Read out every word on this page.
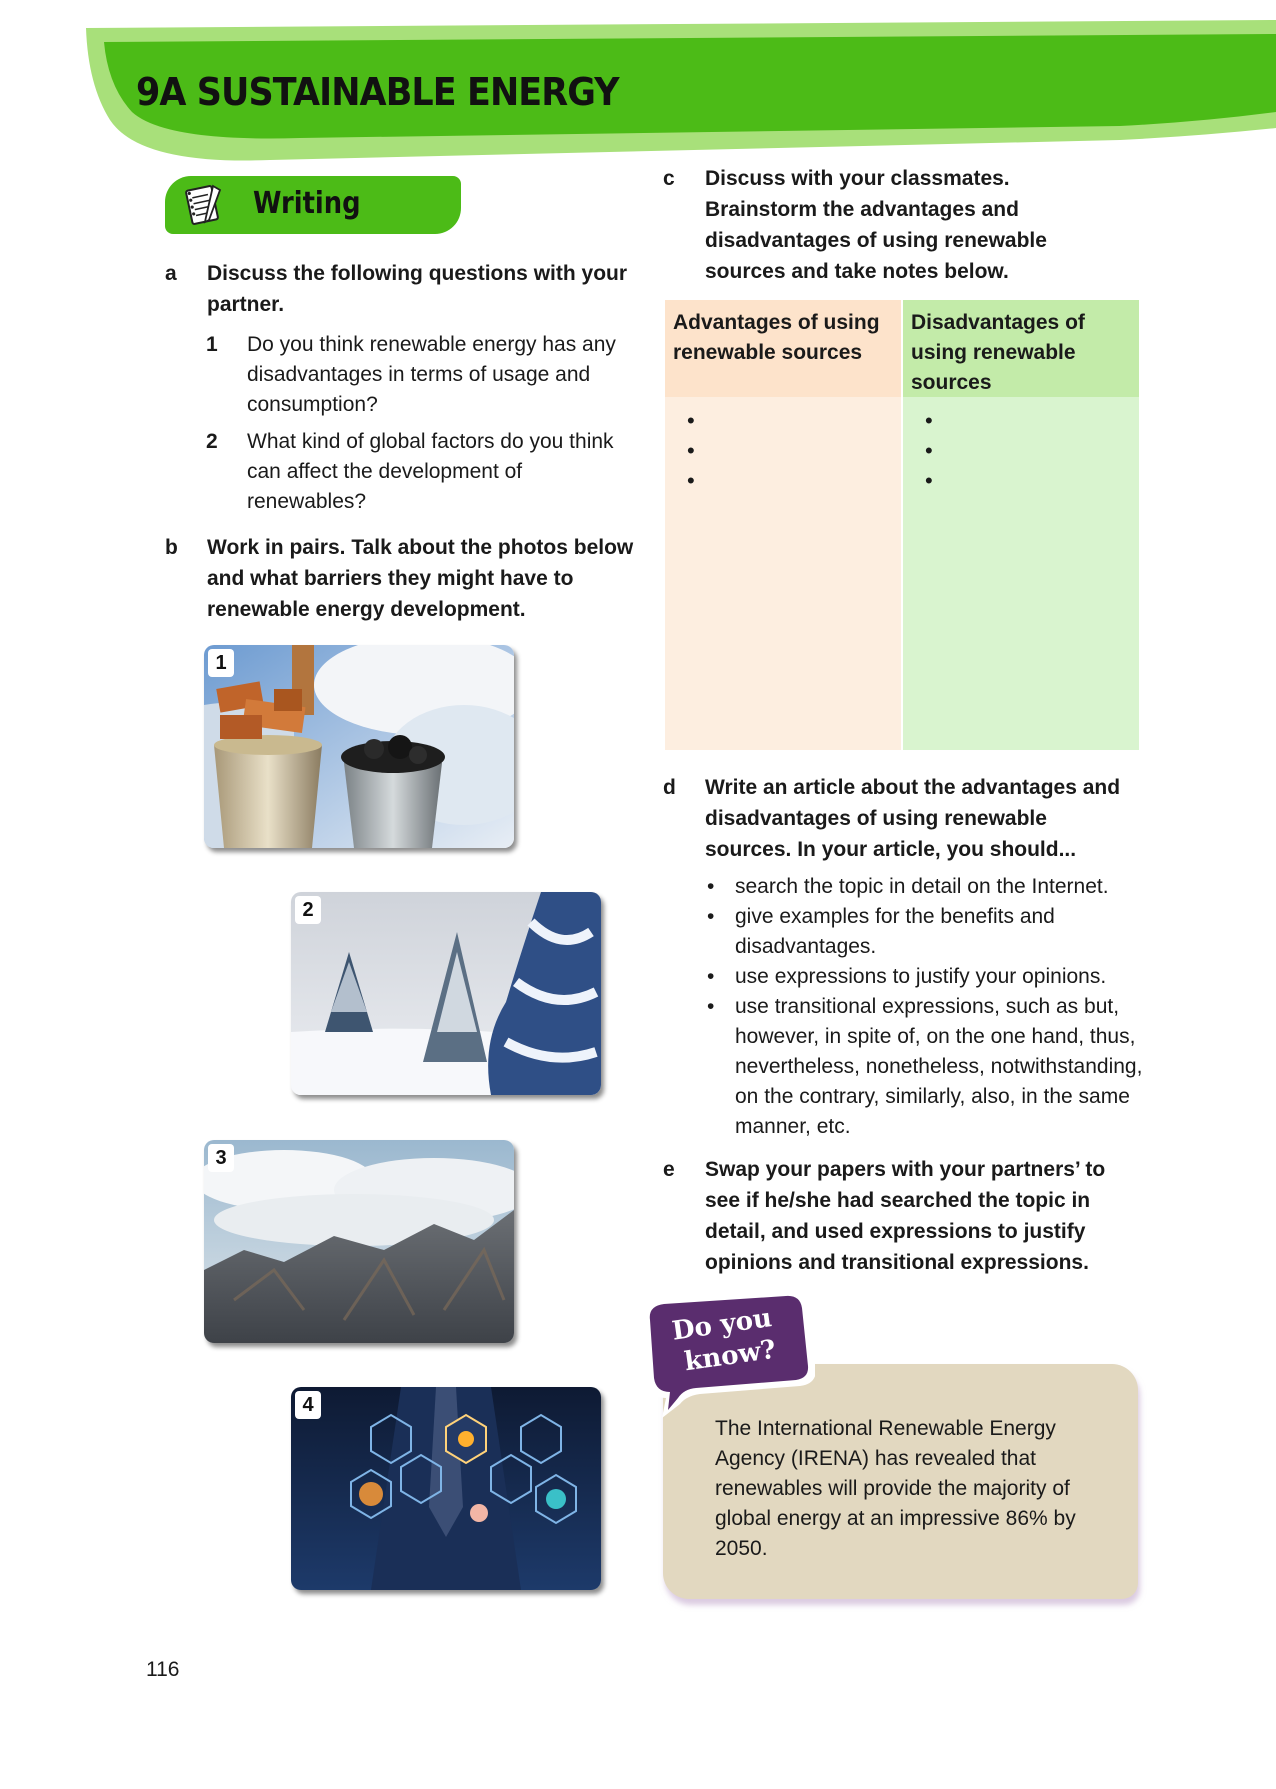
9A SUSTAINABLE ENERGY

Writing

a Discuss the following questions with your partner.

1 Do you think renewable energy has any disadvantages in terms of usage and consumption?

2 What kind of global factors do you think can affect the development of renewables?

b Work in pairs. Talk about the photos below and what barriers they might have to renewable energy development.

1
2
3
4
c Discuss with your classmates. Brainstorm the advantages and disadvantages of using renewable sources and take notes below.

Advantages of using renewable sources
•
•
•
Disadvantages of using renewable sources
•
•
•
d Write an article about the advantages and disadvantages of using renewable sources. In your article, you should...

• search the topic in detail on the Internet.
• give examples for the benefits and disadvantages.
• use expressions to justify your opinions.
• use transitional expressions, such as but, however, in spite of, on the one hand, thus, nevertheless, nonetheless, notwithstanding, on the contrary, similarly, also, in the same manner, etc.
e Swap your papers with your partners’ to see if he/she had searched the topic in detail, and used expressions to justify opinions and transitional expressions.

The International Renewable Energy Agency (IRENA) has revealed that renewables will provide the majority of global energy at an impressive 86% by 2050.

Do you
know?

116
